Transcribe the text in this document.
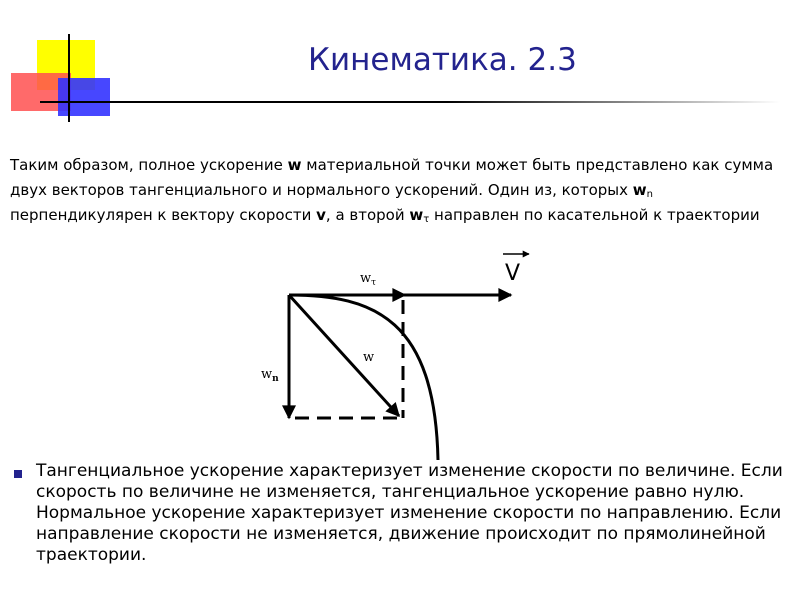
Кинематика. 2.3
Таким образом, полное ускорение w материальной точки может быть представлено как сумма двух векторов тангенциального и нормального ускорений. Один из, которых $w_n$ перпендикулярен к вектору скорости v, а второй $w_\tau$ направлен по касательной к траектории
V
$w_\tau$
w
$w_n$
Тангенциальное ускорение характеризует изменение скорости по величине. Если скорость по величине не изменяется, тангенциальное ускорение равно нулю. Нормальное ускорение характеризует изменение скорости по направлению. Если направление скорости не изменяется, движение происходит по прямолинейной траектории.
